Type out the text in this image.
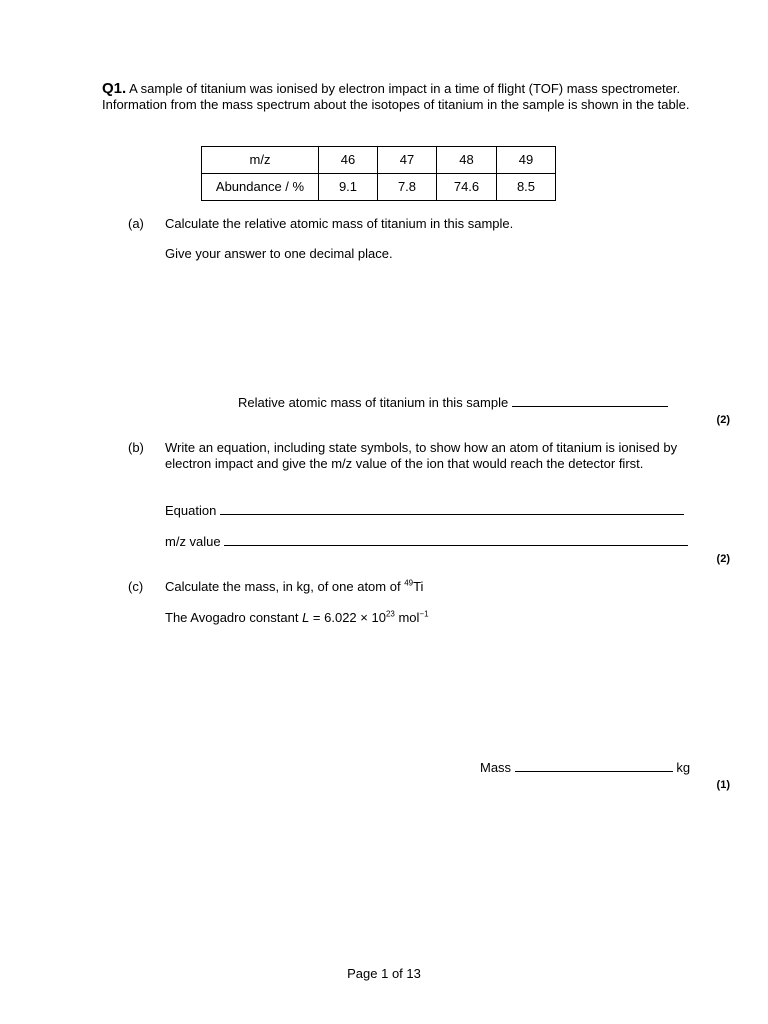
Q1. A sample of titanium was ionised by electron impact in a time of flight (TOF) mass spectrometer. Information from the mass spectrum about the isotopes of titanium in the sample is shown in the table.
m/z	46	47	48	49
Abundance / %	9.1	7.8	74.6	8.5
(a) Calculate the relative atomic mass of titanium in this sample.
Give your answer to one decimal place.
Relative atomic mass of titanium in this sample
(2)
(b) Write an equation, including state symbols, to show how an atom of titanium is ionised by electron impact and give the m/z value of the ion that would reach the detector first.
Equation
m/z value
(2)
(c) Calculate the mass, in kg, of one atom of $^{49}$Ti
The Avogadro constant $L = 6.022 \times 10^{23}$ mol$^{-1}$
Mass	kg
(1)
Page 1 of 13
